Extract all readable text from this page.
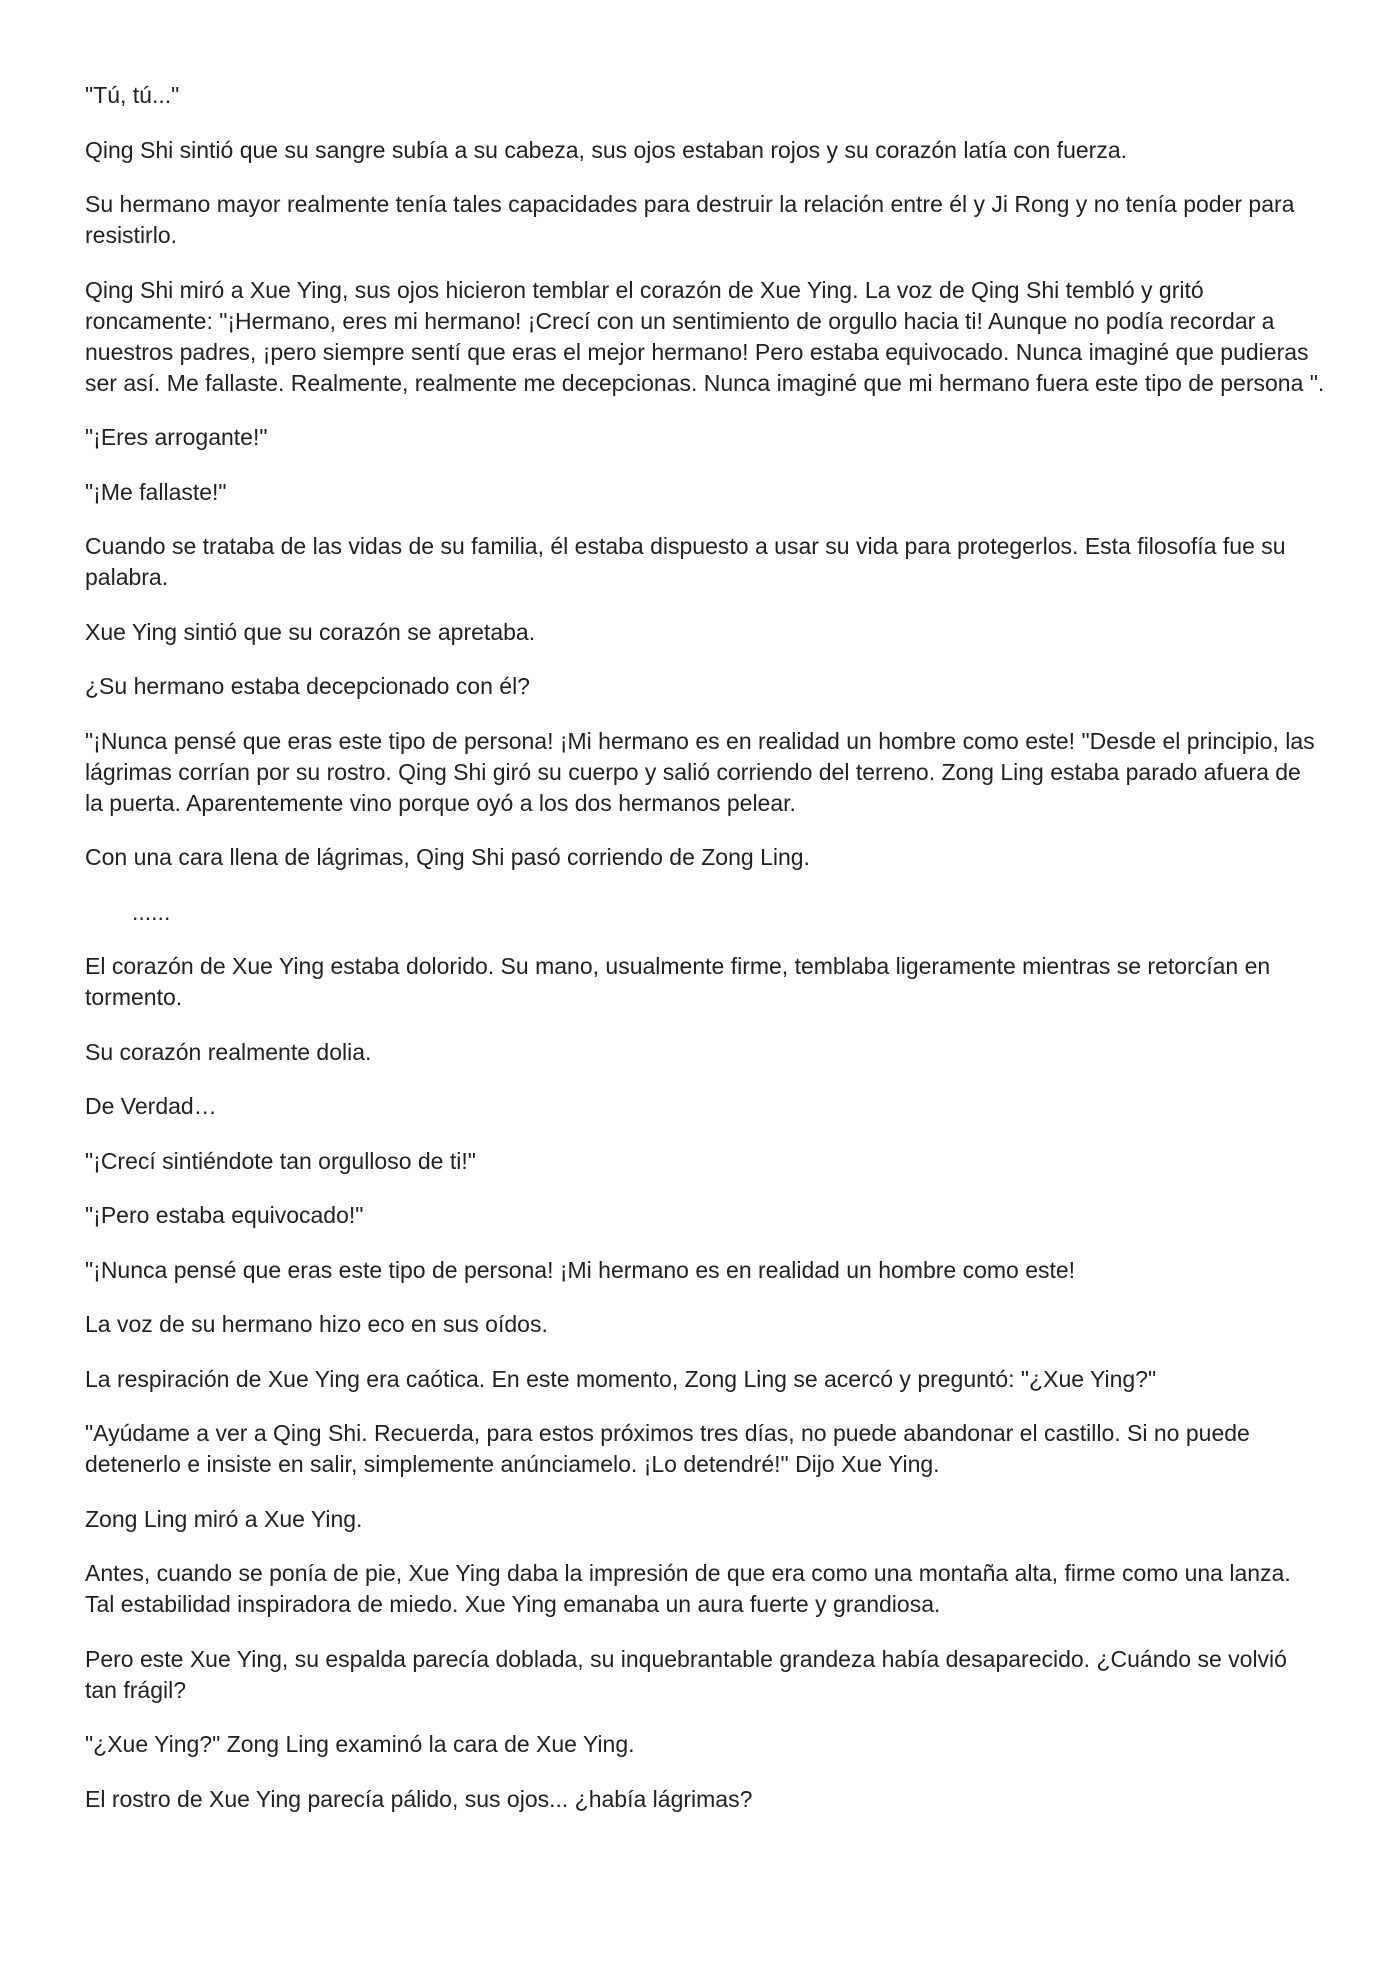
"Tú, tú..."

Qing Shi sintió que su sangre subía a su cabeza, sus ojos estaban rojos y su corazón latía con fuerza.

Su hermano mayor realmente tenía tales capacidades para destruir la relación entre él y Ji Rong y no tenía poder para resistirlo.

Qing Shi miró a Xue Ying, sus ojos hicieron temblar el corazón de Xue Ying. La voz de Qing Shi tembló y gritó roncamente: "¡Hermano, eres mi hermano! ¡Crecí con un sentimiento de orgullo hacia ti! Aunque no podía recordar a nuestros padres, ¡pero siempre sentí que eras el mejor hermano! Pero estaba equivocado. Nunca imaginé que pudieras ser así. Me fallaste. Realmente, realmente me decepcionas. Nunca imaginé que mi hermano fuera este tipo de persona ".

"¡Eres arrogante!"

"¡Me fallaste!"

Cuando se trataba de las vidas de su familia, él estaba dispuesto a usar su vida para protegerlos. Esta filosofía fue su palabra.

Xue Ying sintió que su corazón se apretaba.

¿Su hermano estaba decepcionado con él?

"¡Nunca pensé que eras este tipo de persona! ¡Mi hermano es en realidad un hombre como este! "Desde el principio, las lágrimas corrían por su rostro. Qing Shi giró su cuerpo y salió corriendo del terreno. Zong Ling estaba parado afuera de la puerta. Aparentemente vino porque oyó a los dos hermanos pelear.

Con una cara llena de lágrimas, Qing Shi pasó corriendo de Zong Ling.

......

El corazón de Xue Ying estaba dolorido. Su mano, usualmente firme, temblaba ligeramente mientras se retorcían en tormento.

Su corazón realmente dolia.

De Verdad…

"¡Crecí sintiéndote tan orgulloso de ti!"

"¡Pero estaba equivocado!"

"¡Nunca pensé que eras este tipo de persona! ¡Mi hermano es en realidad un hombre como este!

La voz de su hermano hizo eco en sus oídos.

La respiración de Xue Ying era caótica. En este momento, Zong Ling se acercó y preguntó: "¿Xue Ying?"

"Ayúdame a ver a Qing Shi. Recuerda, para estos próximos tres días, no puede abandonar el castillo. Si no puede detenerlo e insiste en salir, simplemente anúnciamelo. ¡Lo detendré!" Dijo Xue Ying.

Zong Ling miró a Xue Ying.

Antes, cuando se ponía de pie, Xue Ying daba la impresión de que era como una montaña alta, firme como una lanza. Tal estabilidad inspiradora de miedo. Xue Ying emanaba un aura fuerte y grandiosa.

Pero este Xue Ying, su espalda parecía doblada, su inquebrantable grandeza había desaparecido. ¿Cuándo se volvió tan frágil?

"¿Xue Ying?" Zong Ling examinó la cara de Xue Ying.

El rostro de Xue Ying parecía pálido, sus ojos... ¿había lágrimas?
